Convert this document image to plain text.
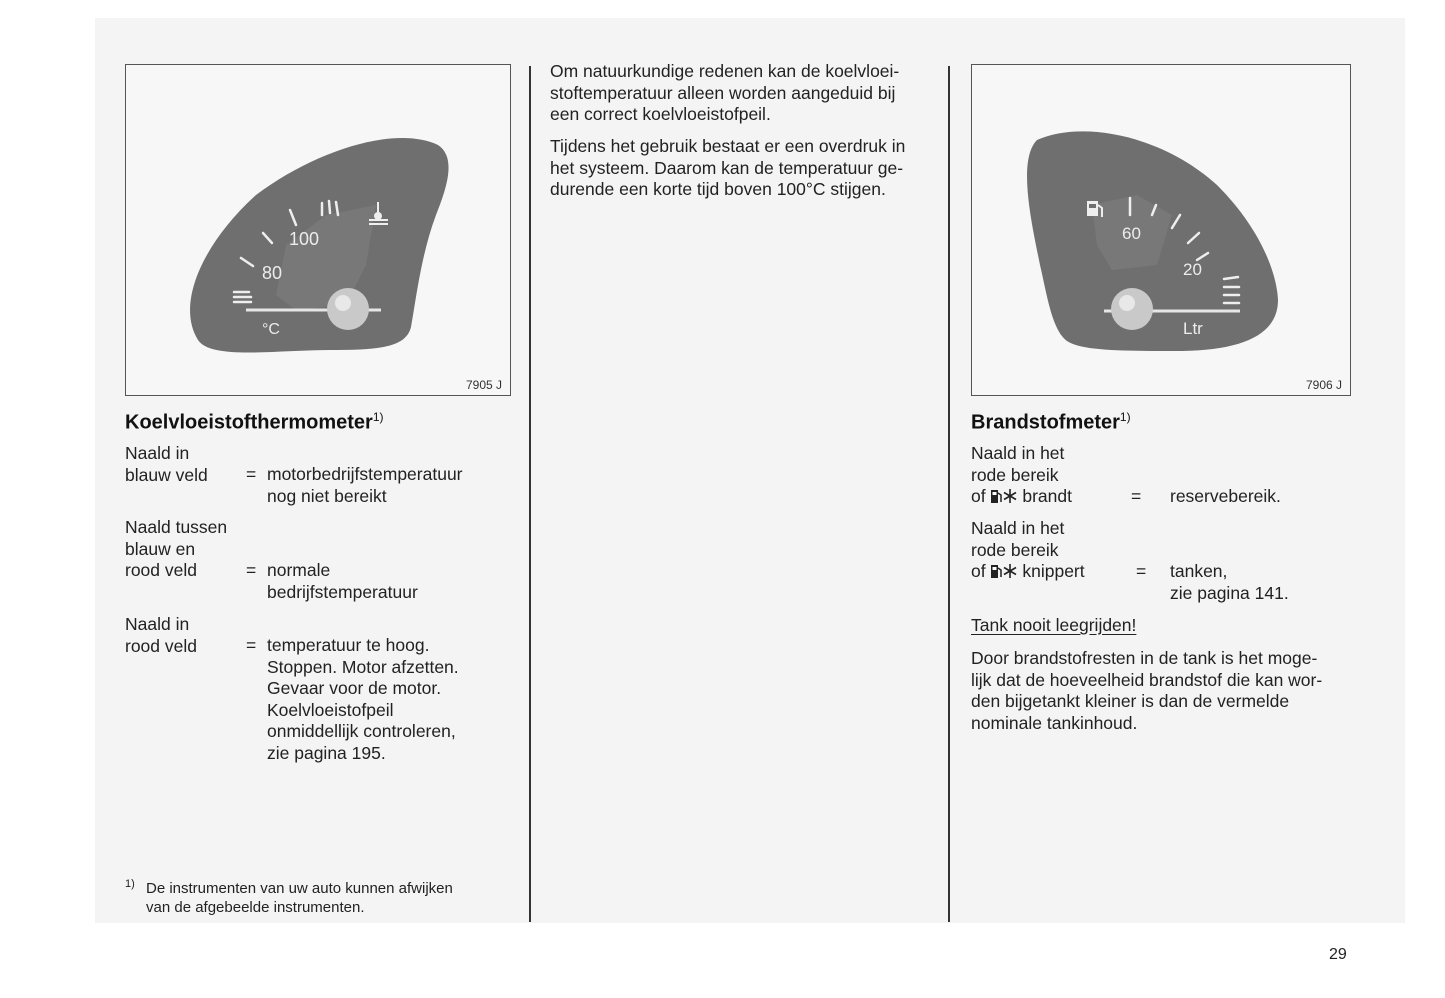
100
80
°C
7905 J
Koelvloeistofthermometer$^{1)}$
Naald in
blauw veld = motorbedrijfstemperatuur
nog niet bereikt
Naald tussen
blauw en
rood veld	= normale
bedrijfstemperatuur
Naald in
rood veld	= temperatuur te hoog.
Stoppen. Motor afzetten.
Gevaar voor de motor.
Koelvloeistofpeil
onmiddellijk controleren,
zie pagina 195.
1) De instrumenten van uw auto kunnen afwijken
van de afgebeelde instrumenten.
Om natuurkundige redenen kan de koelvloei-
stoftemperatuur alleen worden aangeduid bij
een correct koelvloeistofpeil.
Tijdens het gebruik bestaat er een overdruk in
het systeem. Daarom kan de temperatuur ge-
durende een korte tijd boven 100°C stijgen.
60
20
Ltr
7906 J
Brandstofmeter$^{1)}$
Naald in het
rode bereik
of brandt	= reservebereik.
Naald in het
rode bereik
of knippert	= tanken,
zie pagina 141.
Tank nooit leegrijden!
Door brandstofresten in de tank is het moge-
lijk dat de hoeveelheid brandstof die kan wor-
den bijgetankt kleiner is dan de vermelde
nominale tankinhoud.
29
